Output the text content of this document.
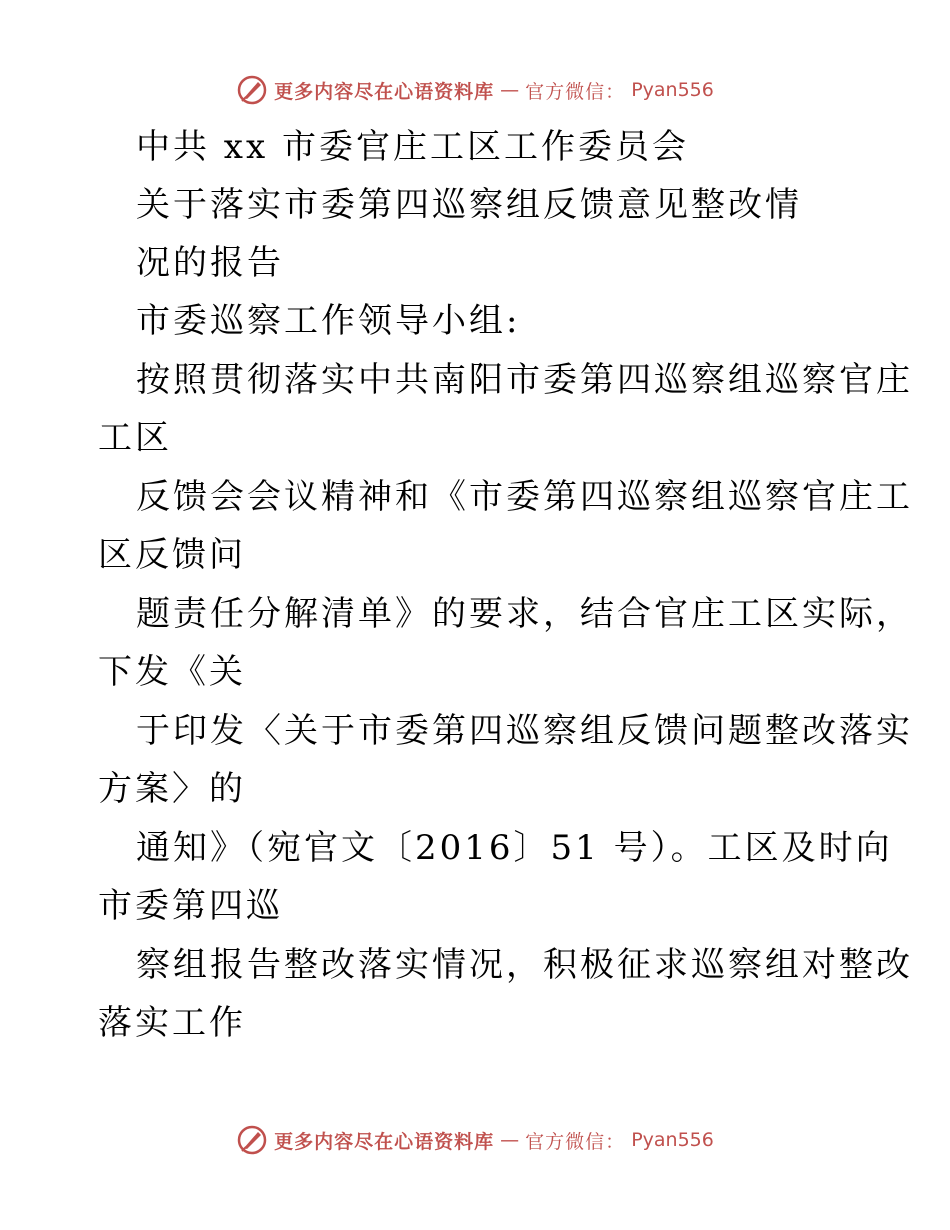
更多内容尽在心语资料库 — 官方微信： Pyan556
中共 xx 市委官庄工区工作委员会
关于落实市委第四巡察组反馈意见整改情
况的报告
市委巡察工作领导小组:
按照贯彻落实中共南阳市委第四巡察组巡察官庄
工区
反馈会会议精神和《市委第四巡察组巡察官庄工
区反馈问
题责任分解清单》的要求，结合官庄工区实际，
下发《关
于印发〈关于市委第四巡察组反馈问题整改落实
方案〉的
通知》（宛官文〔2016〕51 号）。工区及时向
市委第四巡
察组报告整改落实情况，积极征求巡察组对整改
落实工作
更多内容尽在心语资料库 — 官方微信： Pyan556
